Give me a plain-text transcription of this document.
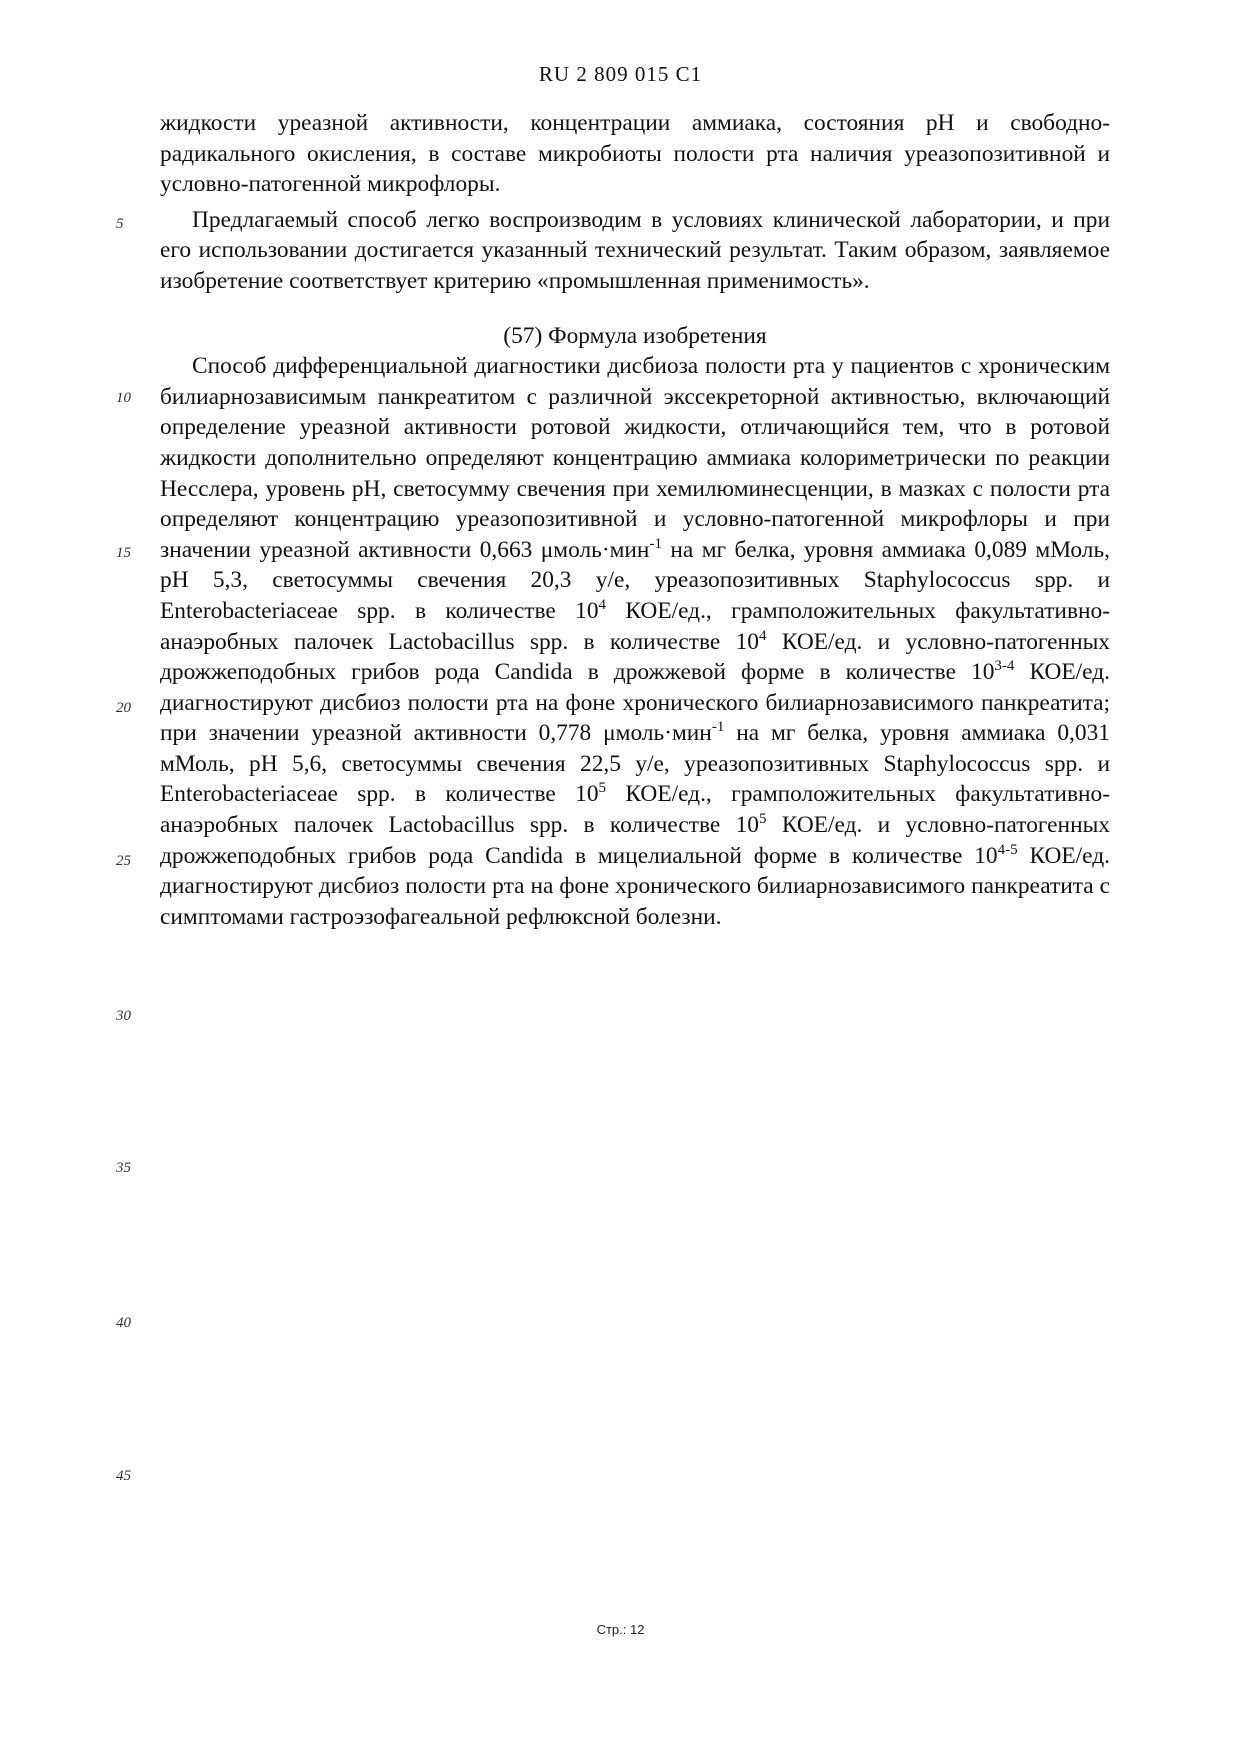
RU 2 809 015 C1
5
10
15
20
25
30
35
40
45

жидкости уреазной активности, концентрации аммиака, состояния pH и свободно-радикального окисления, в составе микробиоты полости рта наличия уреазопозитивной и условно-патогенной микрофлоры.

Предлагаемый способ легко воспроизводим в условиях клинической лаборатории, и при его использовании достигается указанный технический результат. Таким образом, заявляемое изобретение соответствует критерию «промышленная применимость».

(57) Формула изобретения

Способ дифференциальной диагностики дисбиоза полости рта у пациентов с хроническим билиарнозависимым панкреатитом с различной экссекреторной активностью, включающий определение уреазной активности ротовой жидкости, отличающийся тем, что в ротовой жидкости дополнительно определяют концентрацию аммиака колориметрически по реакции Несслера, уровень pH, светосумму свечения при хемилюминесценции, в мазках с полости рта определяют концентрацию уреазопозитивной и условно-патогенной микрофлоры и при значении уреазной активности 0,663 μмоль·мин$^{-1}$ на мг белка, уровня аммиака 0,089 мМоль, pH 5,3, светосуммы свечения 20,3 у/е, уреазопозитивных Staphylococcus spp. и Enterobacteriaceae spp. в количестве $10^4$ КОЕ/ед., грамположительных факультативно-анаэробных палочек Lactobacillus spp. в количестве $10^4$ КОЕ/ед. и условно-патогенных дрожжеподобных грибов рода Candida в дрожжевой форме в количестве 10$^{3-4}$ КОЕ/ед. диагностируют дисбиоз полости рта на фоне хронического билиарнозависимого панкреатита; при значении уреазной активности 0,778 μмоль·мин$^{-1}$ на мг белка, уровня аммиака 0,031 мМоль, pH 5,6, светосуммы свечения 22,5 у/е, уреазопозитивных Staphylococcus spp. и Enterobacteriaceae spp. в количестве $10^5$ КОЕ/ед., грамположительных факультативно-анаэробных палочек Lactobacillus spp. в количестве $10^5$ КОЕ/ед. и условно-патогенных дрожжеподобных грибов рода Candida в мицелиальной форме в количестве 10$^{4-5}$ КОЕ/ед. диагностируют дисбиоз полости рта на фоне хронического билиарнозависимого панкреатита с симптомами гастроэзофагеальной рефлюксной болезни.

Стр.: 12
